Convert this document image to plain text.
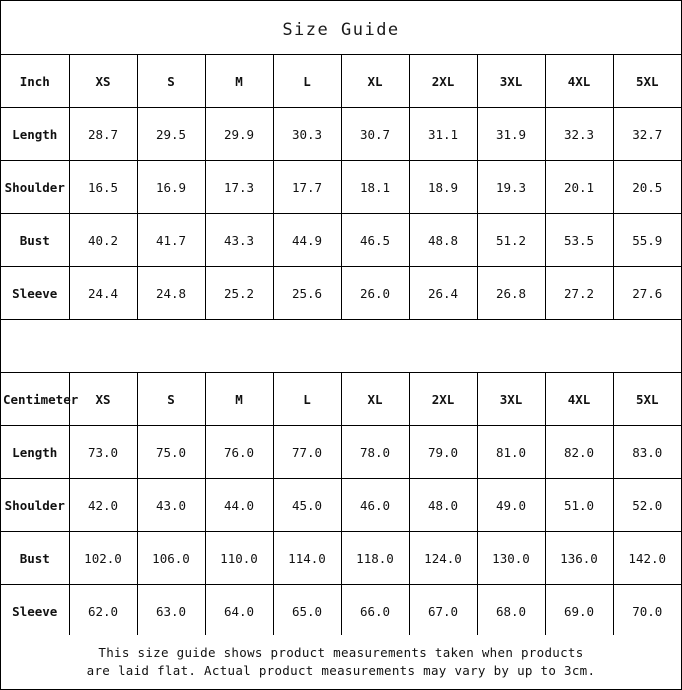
Size Guide
Inch	XS	S	M	L	XL	2XL	3XL	4XL	5XL
Length	28.7	29.5	29.9	30.3	30.7	31.1	31.9	32.3	32.7
Shoulder	16.5	16.9	17.3	17.7	18.1	18.9	19.3	20.1	20.5
Bust	40.2	41.7	43.3	44.9	46.5	48.8	51.2	53.5	55.9
Sleeve	24.4	24.8	25.2	25.6	26.0	26.4	26.8	27.2	27.6
Centimeter	XS	S	M	L	XL	2XL	3XL	4XL	5XL
Length	73.0	75.0	76.0	77.0	78.0	79.0	81.0	82.0	83.0
Shoulder	42.0	43.0	44.0	45.0	46.0	48.0	49.0	51.0	52.0
Bust	102.0	106.0	110.0	114.0	118.0	124.0	130.0	136.0	142.0
Sleeve	62.0	63.0	64.0	65.0	66.0	67.0	68.0	69.0	70.0
This size guide shows product measurements taken when products
are laid flat. Actual product measurements may vary by up to 3cm.
